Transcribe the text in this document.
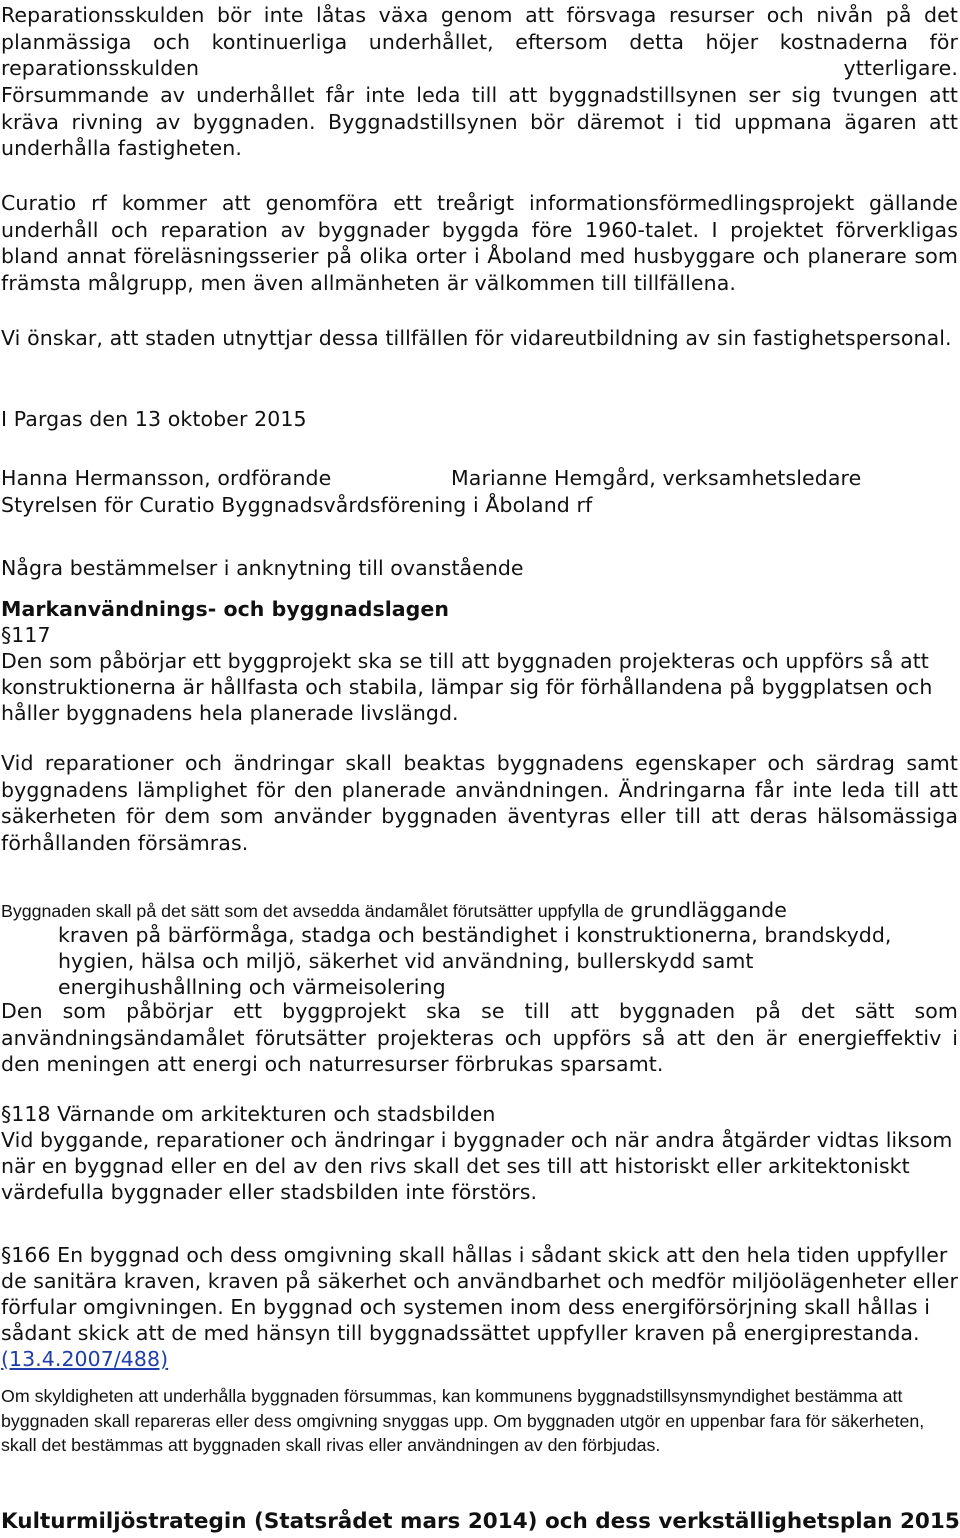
Reparationsskulden bör inte låtas växa genom att försvaga resurser och nivån på det planmässiga och kontinuerliga underhållet, eftersom detta höjer kostnaderna för reparationsskulden ytterligare.

Försummande av underhållet får inte leda till att byggnadstillsynen ser sig tvungen att kräva rivning av byggnaden. Byggnadstillsynen bör däremot i tid uppmana ägaren att underhålla fastigheten.

Curatio rf kommer att genomföra ett treårigt informationsförmedlingsprojekt gällande underhåll och reparation av byggnader byggda före 1960-talet. I projektet förverkligas bland annat föreläsningsserier på olika orter i Åboland med husbyggare och planerare som främsta målgrupp, men även allmänheten är välkommen till tillfällena.

Vi önskar, att staden utnyttjar dessa tillfällen för vidareutbildning av sin fastighetspersonal.

I Pargas den 13 oktober 2015

Hanna Hermansson, ordförande	Marianne Hemgård, verksamhetsledare

Styrelsen för Curatio Byggnadsvårdsförening i Åboland rf

Några bestämmelser i anknytning till ovanstående

Markanvändnings- och byggnadslagen

§117

Den som påbörjar ett byggprojekt ska se till att byggnaden projekteras och uppförs så att konstruktionerna är hållfasta och stabila, lämpar sig för förhållandena på byggplatsen och håller byggnadens hela planerade livslängd.

Vid reparationer och ändringar skall beaktas byggnadens egenskaper och särdrag samt byggnadens lämplighet för den planerade användningen. Ändringarna får inte leda till att säkerheten för dem som använder byggnaden äventyras eller till att deras hälsomässiga förhållanden försämras.

Byggnaden skall på det sätt som det avsedda ändamålet förutsätter uppfylla de grundläggande

kraven på bärförmåga, stadga och beständighet i konstruktionerna, brandskydd, hygien, hälsa och miljö, säkerhet vid användning, bullerskydd samt energihushållning och värmeisolering

Den som påbörjar ett byggprojekt ska se till att byggnaden på det sätt som användningsändamålet förutsätter projekteras och uppförs så att den är energieffektiv i den meningen att energi och naturresurser förbrukas sparsamt.

§118 Värnande om arkitekturen och stadsbilden

Vid byggande, reparationer och ändringar i byggnader och när andra åtgärder vidtas liksom när en byggnad eller en del av den rivs skall det ses till att historiskt eller arkitektoniskt värdefulla byggnader eller stadsbilden inte förstörs.

§166 En byggnad och dess omgivning skall hållas i sådant skick att den hela tiden uppfyller de sanitära kraven, kraven på säkerhet och användbarhet och medför miljöolägenheter eller förfular omgivningen. En byggnad och systemen inom dess energiförsörjning skall hållas i sådant skick att de med hänsyn till byggnadssättet uppfyller kraven på energiprestanda. (13.4.2007/488)

Om skyldigheten att underhålla byggnaden försummas, kan kommunens byggnadstillsynsmyndighet bestämma att byggnaden skall repareras eller dess omgivning snyggas upp. Om byggnaden utgör en uppenbar fara för säkerheten, skall det bestämmas att byggnaden skall rivas eller användningen av den förbjudas.

Kulturmiljöstrategin (Statsrådet mars 2014) och dess verkställighetsplan 2015
